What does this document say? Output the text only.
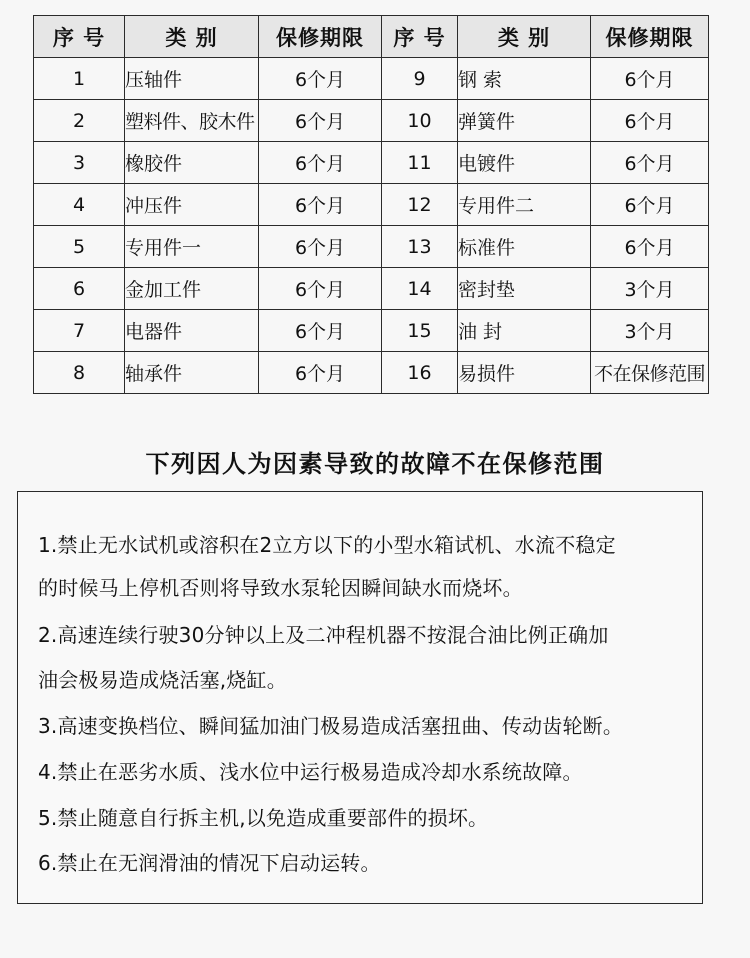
序 号	类 别	保修期限	序 号	类 别	保修期限
1	压轴件	6个月	9	钢 索	6个月
2	塑料件、胶木件	6个月	10	弹簧件	6个月
3	橡胶件	6个月	11	电镀件	6个月
4	冲压件	6个月	12	专用件二	6个月
5	专用件一	6个月	13	标准件	6个月
6	金加工件	6个月	14	密封垫	3个月
7	电器件	6个月	15	油 封	3个月
8	轴承件	6个月	16	易损件	不在保修范围
下列因人为因素导致的故障不在保修范围

1.禁止无水试机或溶积在2立方以下的小型水箱试机、水流不稳定

的时候马上停机否则将导致水泵轮因瞬间缺水而烧坏。

2.高速连续行驶30分钟以上及二冲程机器不按混合油比例正确加

油会极易造成烧活塞,烧缸。

3.高速变换档位、瞬间猛加油门极易造成活塞扭曲、传动齿轮断。

4.禁止在恶劣水质、浅水位中运行极易造成冷却水系统故障。

5.禁止随意自行拆主机,以免造成重要部件的损坏。

6.禁止在无润滑油的情况下启动运转。
